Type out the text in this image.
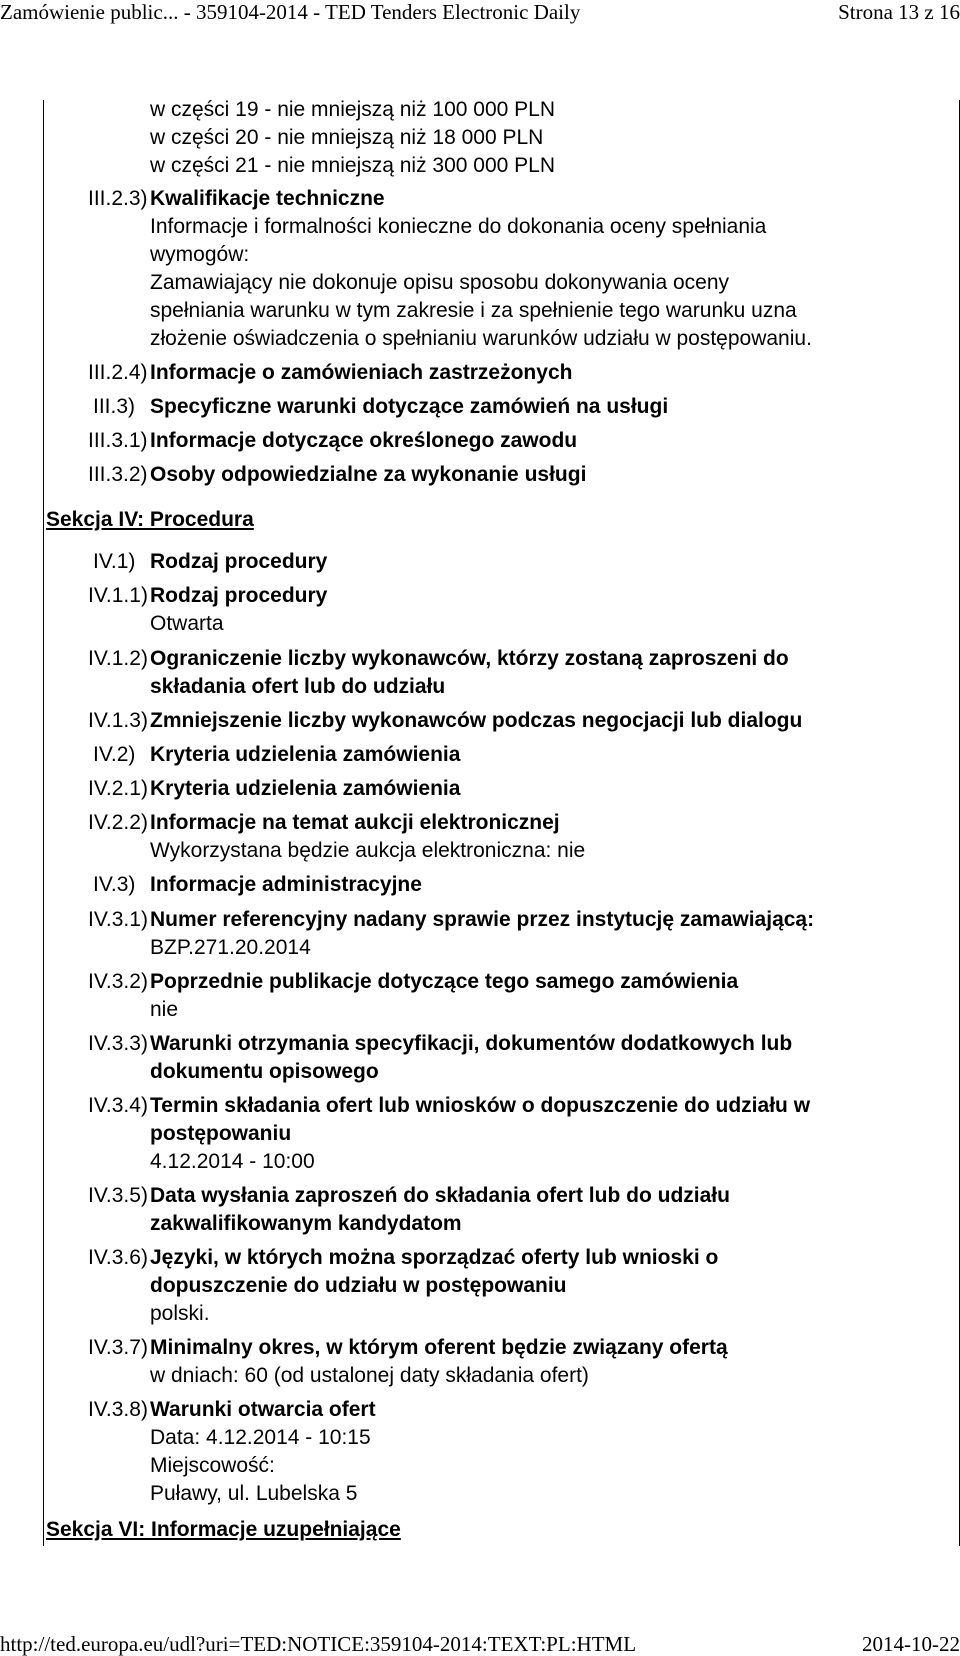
Zamówienie public... - 359104-2014 - TED Tenders Electronic Daily	Strona 13 z 16
w części 19 - nie mniejszą niż 100 000 PLN
w części 20 - nie mniejszą niż 18 000 PLN
w części 21 - nie mniejszą niż 300 000 PLN
III.2.3) Kwalifikacje techniczne
Informacje i formalności konieczne do dokonania oceny spełniania
wymogów:
Zamawiający nie dokonuje opisu sposobu dokonywania oceny
spełniania warunku w tym zakresie i za spełnienie tego warunku uzna
złożenie oświadczenia o spełnianiu warunków udziału w postępowaniu.
III.2.4) Informacje o zamówieniach zastrzeżonych
III.3) Specyficzne warunki dotyczące zamówień na usługi
III.3.1) Informacje dotyczące określonego zawodu
III.3.2) Osoby odpowiedzialne za wykonanie usługi
Sekcja IV: Procedura
IV.1) Rodzaj procedury
IV.1.1) Rodzaj procedury
Otwarta
IV.1.2) Ograniczenie liczby wykonawców, którzy zostaną zaproszeni do
składania ofert lub do udziału
IV.1.3) Zmniejszenie liczby wykonawców podczas negocjacji lub dialogu
IV.2) Kryteria udzielenia zamówienia
IV.2.1) Kryteria udzielenia zamówienia
IV.2.2) Informacje na temat aukcji elektronicznej
Wykorzystana będzie aukcja elektroniczna: nie
IV.3) Informacje administracyjne
IV.3.1) Numer referencyjny nadany sprawie przez instytucję zamawiającą:
BZP.271.20.2014
IV.3.2) Poprzednie publikacje dotyczące tego samego zamówienia
nie
IV.3.3) Warunki otrzymania specyfikacji, dokumentów dodatkowych lub
dokumentu opisowego
IV.3.4) Termin składania ofert lub wniosków o dopuszczenie do udziału w
postępowaniu
4.12.2014 - 10:00
IV.3.5) Data wysłania zaproszeń do składania ofert lub do udziału
zakwalifikowanym kandydatom
IV.3.6) Języki, w których można sporządzać oferty lub wnioski o
dopuszczenie do udziału w postępowaniu
polski.
IV.3.7) Minimalny okres, w którym oferent będzie związany ofertą
w dniach: 60 (od ustalonej daty składania ofert)
IV.3.8) Warunki otwarcia ofert
Data: 4.12.2014 - 10:15
Miejscowość:
Puławy, ul. Lubelska 5
Sekcja VI: Informacje uzupełniające
http://ted.europa.eu/udl?uri=TED:NOTICE:359104-2014:TEXT:PL:HTML	2014-10-22
